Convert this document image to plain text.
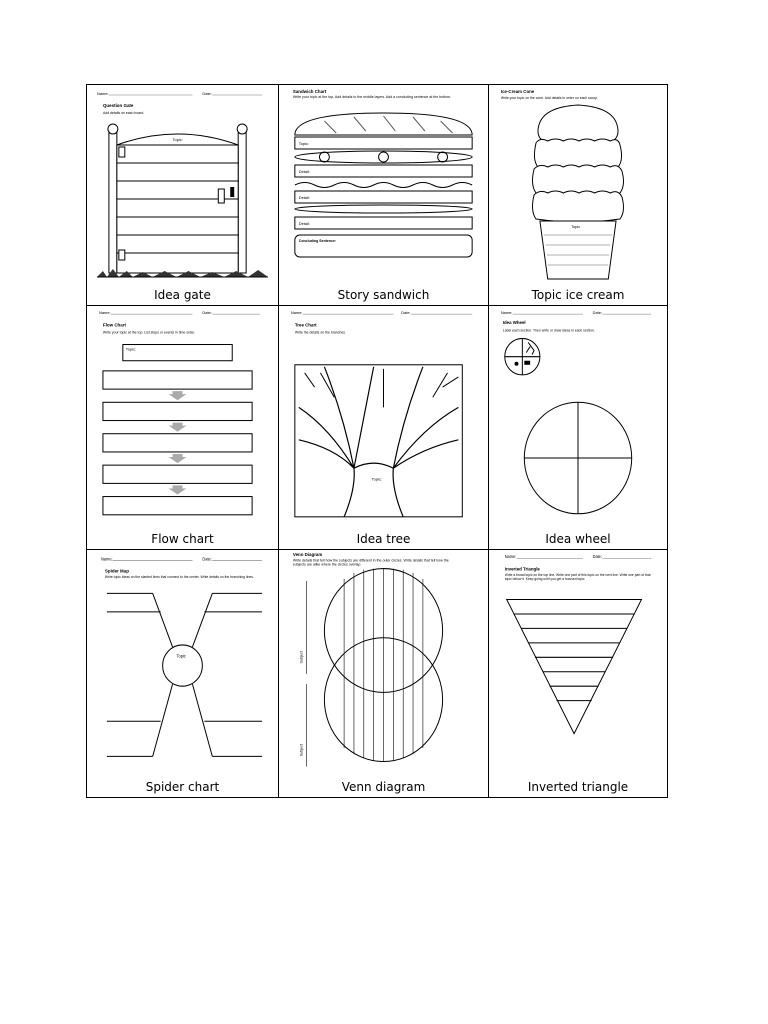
Name:	Date:
Question Gate
Add details on each board.
Topic:
Idea gate
Sandwich Chart
Write your topic at the top. Add details to the middle layers. Add a concluding sentence at the bottom.
Topic:
Detail:
Detail:
Detail:
Concluding Sentence:
Story sandwich
Ice-Cream Cone
Write your topic on the cone. Add details in order on each scoop.
Topic
Topic ice cream
Name:	Date:
Flow Chart
Write your topic at the top. List steps or events in time order.
Topic:
Flow chart
Name:	Date:
Tree Chart
Write the details on the branches.
Topic:
Idea tree
Name:	Date:
Idea Wheel
Label each section. Then write or draw ideas in each section.
Idea wheel
Name:	Date:
Spider Map
Write topic ideas on the slanted lines that connect to the center. Write details on the branching lines.
Topic
Spider chart
Venn Diagram
Write details that tell how the subjects are different in the outer circles. Write details that tell how the subjects are alike where the circles overlap.
Subject
Subject
Venn diagram
Name:	Date:
Inverted Triangle
Write a broad topic on the top line. Write one part of this topic on the next line. Write one part of that topic below it. Keep going until you get a focused topic.
Inverted triangle
